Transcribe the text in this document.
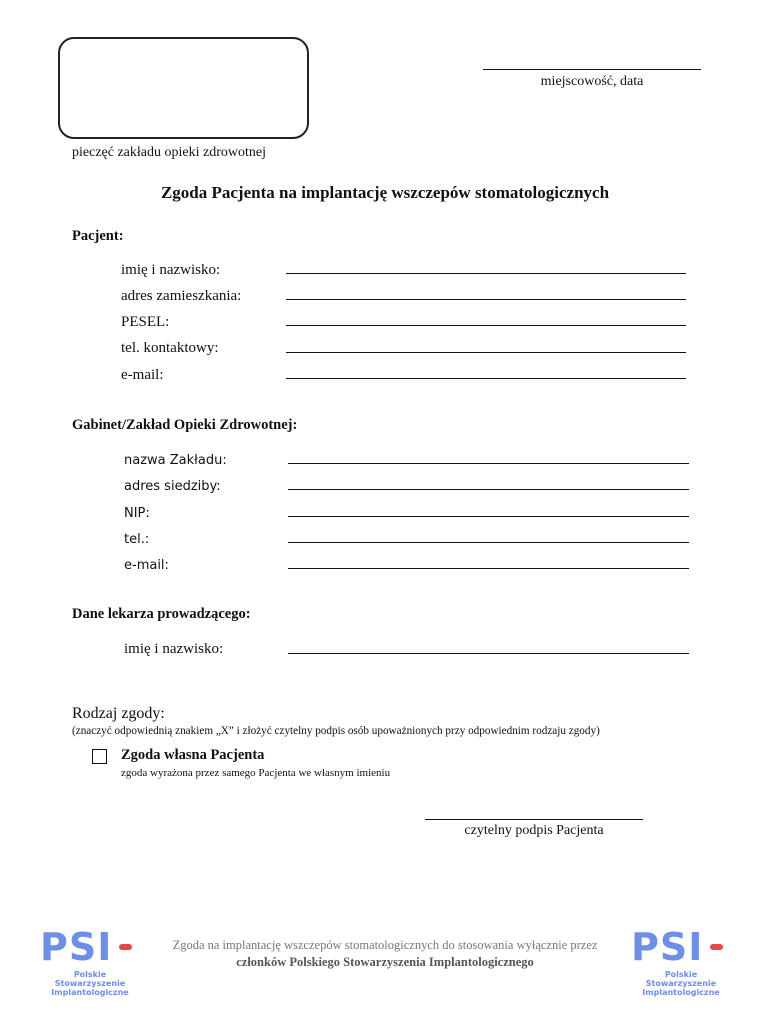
pieczęć zakładu opieki zdrowotnej
miejscowość, data
Zgoda Pacjenta na implantację wszczepów stomatologicznych
Pacjent:
imię i nazwisko:
adres zamieszkania:
PESEL:
tel. kontaktowy:
e-mail:
Gabinet/Zakład Opieki Zdrowotnej:
nazwa Zakładu:
adres siedziby:
NIP:
tel.:
e-mail:
Dane lekarza prowadzącego:
imię i nazwisko:
Rodzaj zgody:
(znaczyć odpowiednią znakiem „X” i złożyć czytelny podpis osób upoważnionych przy odpowiednim rodzaju zgody)
Zgoda własna Pacjenta
zgoda wyrażona przez samego Pacjenta we własnym imieniu
czytelny podpis Pacjenta
PSI
Polskie Stowarzyszenie
Implantologiczne
Zgoda na implantację wszczepów stomatologicznych do stosowania wyłącznie przez
członków Polskiego Stowarzyszenia Implantologicznego	PSI
Polskie Stowarzyszenie
Implantologiczne
